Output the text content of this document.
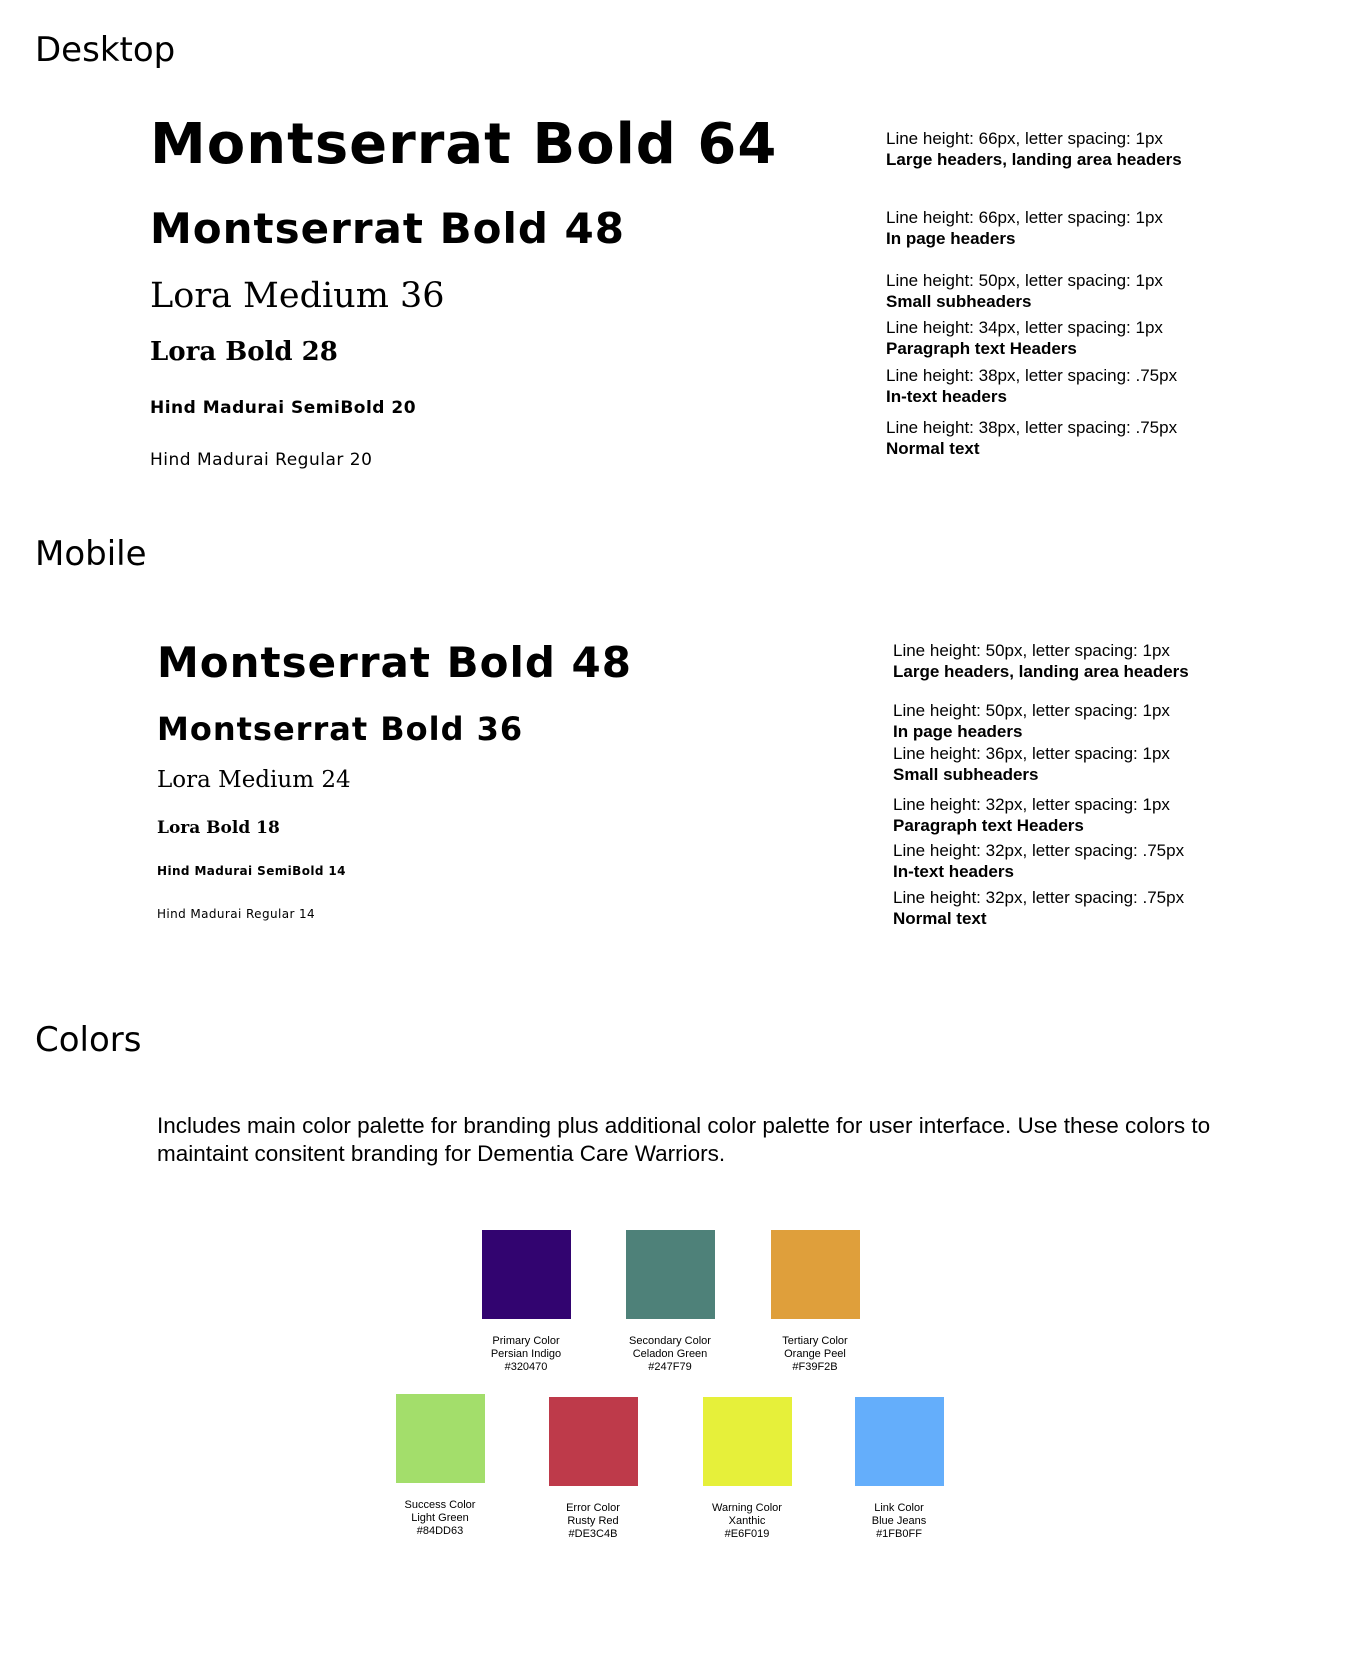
Desktop
Montserrat Bold 64
Montserrat Bold 48
Lora Medium 36
Lora Bold 28
Hind Madurai SemiBold 20
Hind Madurai Regular 20
Line height: 66px, letter spacing: 1px
Large headers, landing area headers
Line height: 66px, letter spacing: 1px
In page headers
Line height: 50px, letter spacing: 1px
Small subheaders
Line height: 34px, letter spacing: 1px
Paragraph text Headers
Line height: 38px, letter spacing: .75px
In-text headers
Line height: 38px, letter spacing: .75px
Normal text
Mobile
Montserrat Bold 48
Montserrat Bold 36
Lora Medium 24
Lora Bold 18
Hind Madurai SemiBold 14
Hind Madurai Regular 14
Line height: 50px, letter spacing: 1px
Large headers, landing area headers
Line height: 50px, letter spacing: 1px
In page headers
Line height: 36px, letter spacing: 1px
Small subheaders
Line height: 32px, letter spacing: 1px
Paragraph text Headers
Line height: 32px, letter spacing: .75px
In-text headers
Line height: 32px, letter spacing: .75px
Normal text
Colors

Includes main color palette for branding plus additional color palette for user interface. Use these colors to maintaint consitent branding for Dementia Care Warriors.

Primary Color
Persian Indigo
#320470
Secondary Color
Celadon Green
#247F79
Tertiary Color
Orange Peel
#F39F2B
Success Color
Light Green
#84DD63
Error Color
Rusty Red
#DE3C4B
Warning Color
Xanthic
#E6F019
Link Color
Blue Jeans
#1FB0FF
